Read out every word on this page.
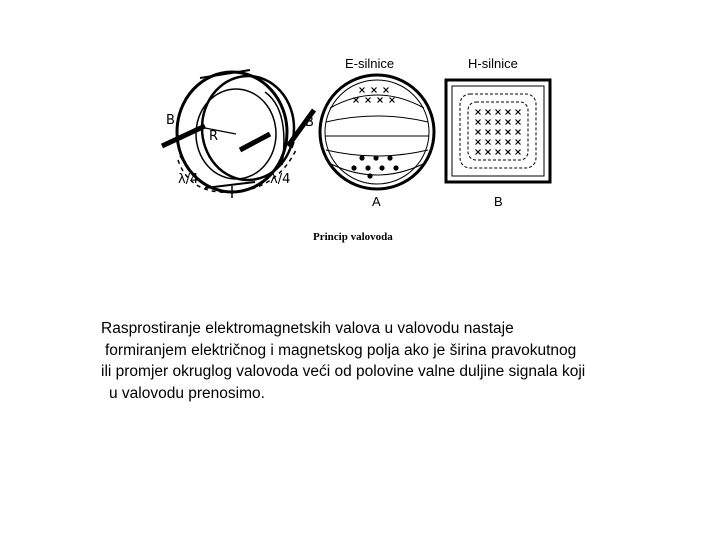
B	B
R
λ/4	λ/4
E-silnice
A
H-silnice
B
Princip valovoda
Rasprostiranje elektromagnetskih valova u valovodu nastaje
formiranjem električnog i magnetskog polja ako je širina pravokutnog
ili promjer okruglog valovoda veći od polovine valne duljine signala koji
u valovodu prenosimo.
